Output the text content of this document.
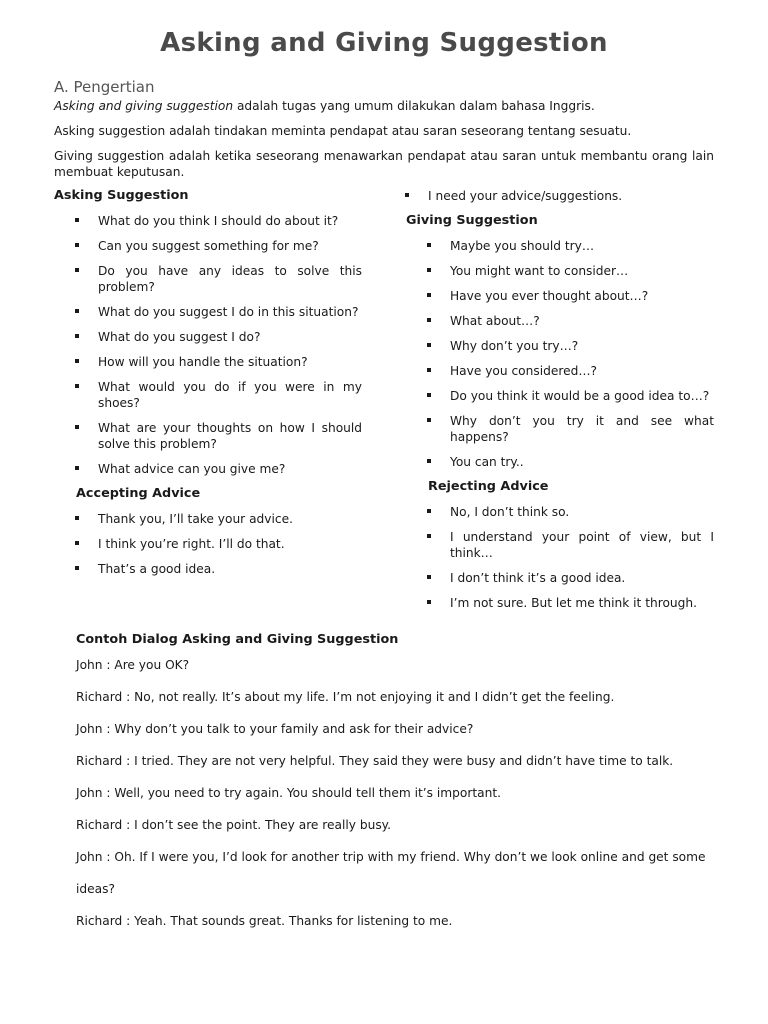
Asking and Giving Suggestion
A. Pengertian
Asking and giving suggestion adalah tugas yang umum dilakukan dalam bahasa Inggris.
Asking suggestion adalah tindakan meminta pendapat atau saran seseorang tentang sesuatu.
Giving suggestion adalah ketika seseorang menawarkan pendapat atau saran untuk membantu orang lain membuat keputusan.
Asking Suggestion
What do you think I should do about it?
Can you suggest something for me?
Do you have any ideas to solve this problem?
What do you suggest I do in this situation?
What do you suggest I do?
How will you handle the situation?
What would you do if you were in my shoes?
What are your thoughts on how I should solve this problem?
What advice can you give me?
Accepting Advice
Thank you, I’ll take your advice.
I think you’re right. I’ll do that.
That’s a good idea.
I need your advice/suggestions.
Giving Suggestion
Maybe you should try…
You might want to consider…
Have you ever thought about…?
What about…?
Why don’t you try…?
Have you considered…?
Do you think it would be a good idea to…?
Why don’t you try it and see what happens?
You can try..
Rejecting Advice
No, I don’t think so.
I understand your point of view, but I think…
I don’t think it’s a good idea.
I’m not sure. But let me think it through.
Contoh Dialog Asking and Giving Suggestion
John : Are you OK?
Richard : No, not really. It’s about my life. I’m not enjoying it and I didn’t get the feeling.
John : Why don’t you talk to your family and ask for their advice?
Richard : I tried. They are not very helpful. They said they were busy and didn’t have time to talk.
John : Well, you need to try again. You should tell them it’s important.
Richard : I don’t see the point. They are really busy.
John : Oh. If I were you, I’d look for another trip with my friend. Why don’t we look online and get some
ideas?
Richard : Yeah. That sounds great. Thanks for listening to me.
